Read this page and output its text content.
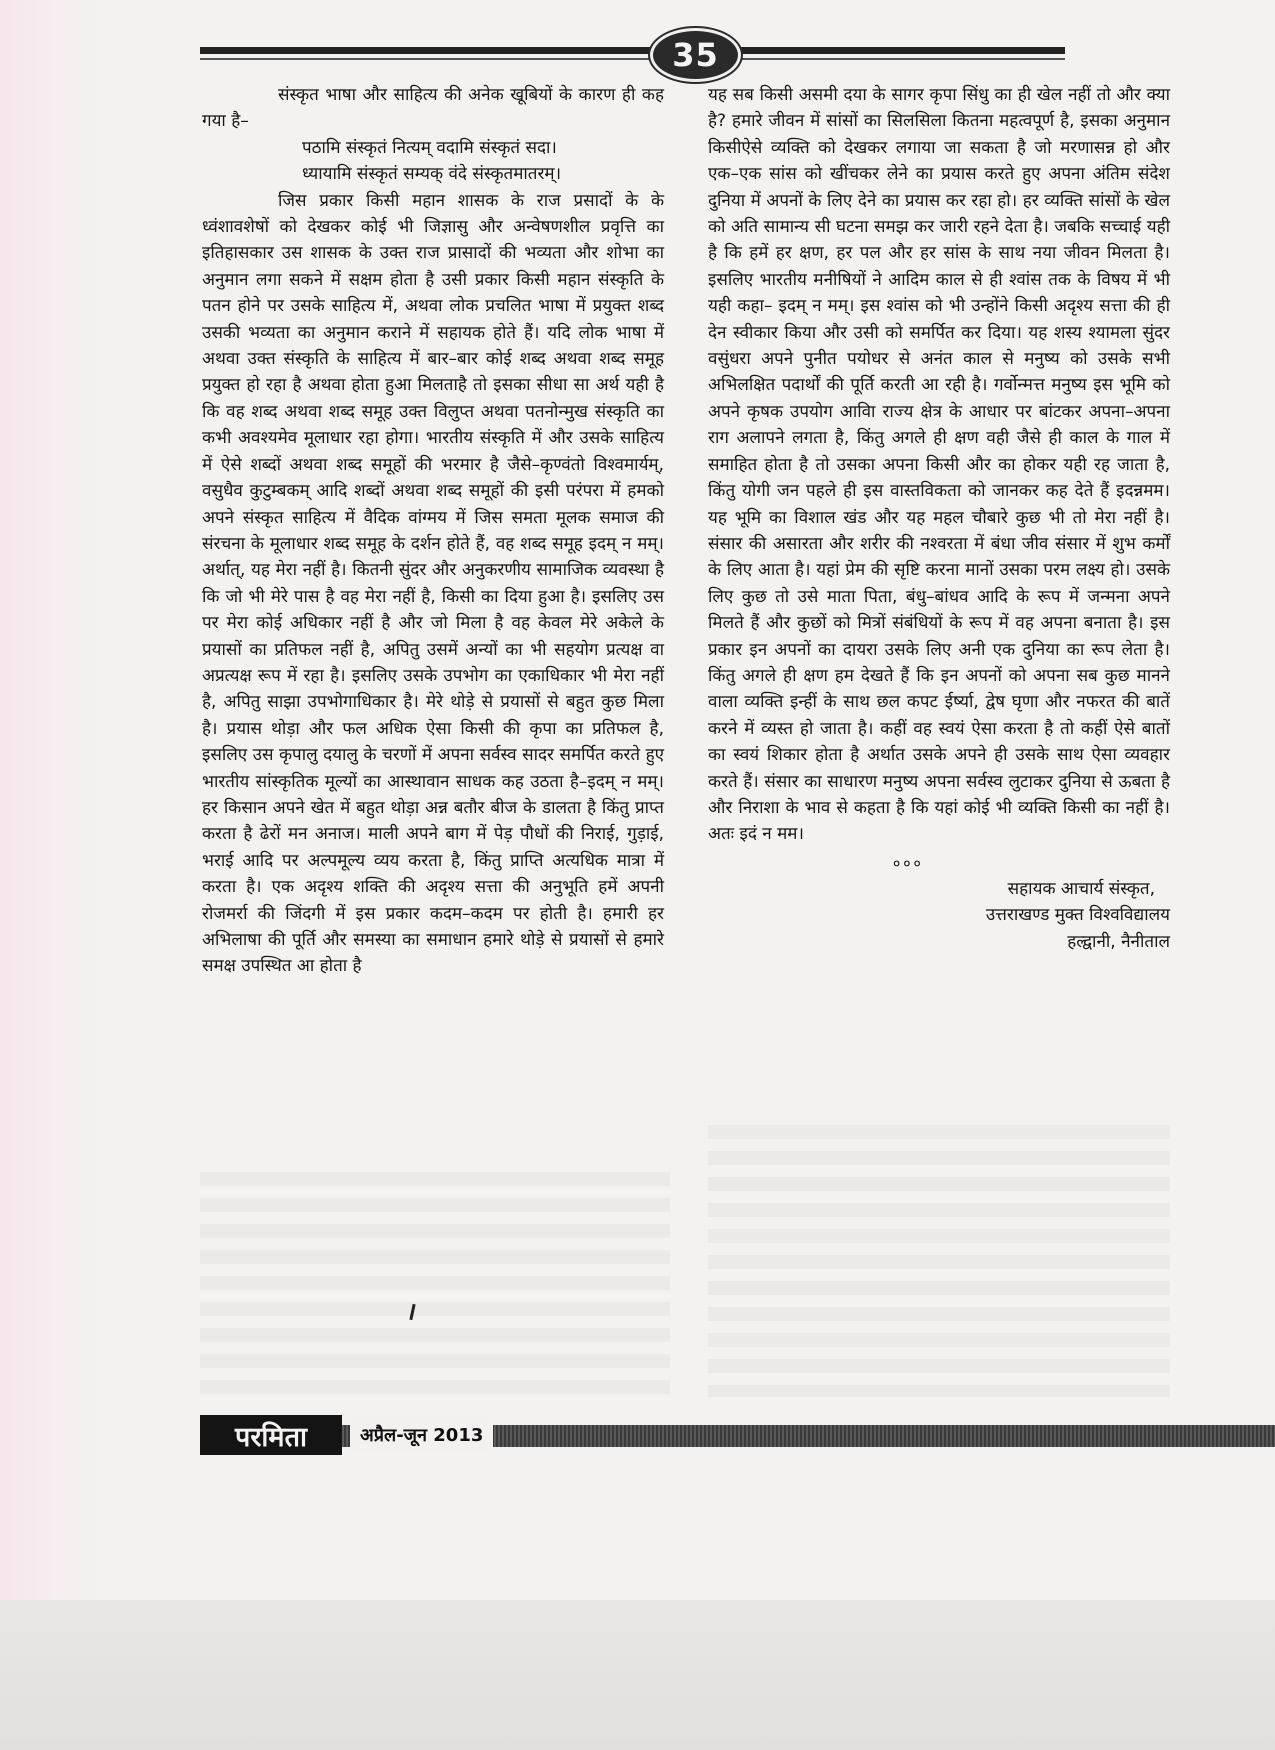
35

संस्कृत भाषा और साहित्य की अनेक खूबियों के कारण ही कह गया है–

पठामि संस्कृतं नित्यम् वदामि संस्कृतं सदा।

ध्यायामि संस्कृतं सम्यक् वंदे संस्कृतमातरम्।

जिस प्रकार किसी महान शासक के राज प्रसादों के के ध्वंशावशेषों को देखकर कोई भी जिज्ञासु और अन्वेषणशील प्रवृत्ति का इतिहासकार उस शासक के उक्त राज प्रासादों की भव्यता और शोभा का अनुमान लगा सकने में सक्षम होता है उसी प्रकार किसी महान संस्कृति के पतन होने पर उसके साहित्य में, अथवा लोक प्रचलित भाषा में प्रयुक्त शब्द उसकी भव्यता का अनुमान कराने में सहायक होते हैं। यदि लोक भाषा में अथवा उक्त संस्कृति के साहित्य में बार–बार कोई शब्द अथवा शब्द समूह प्रयुक्त हो रहा है अथवा होता हुआ मिलताहै तो इसका सीधा सा अर्थ यही है कि वह शब्द अथवा शब्द समूह उक्त विलुप्त अथवा पतनोन्मुख संस्कृति का कभी अवश्यमेव मूलाधार रहा होगा। भारतीय संस्कृति में और उसके साहित्य में ऐसे शब्दों अथवा शब्द समूहों की भरमार है जैसे–कृण्वंतो विश्वमार्यम्, वसुधैव कुटुम्बकम् आदि शब्दों अथवा शब्द समूहों की इसी परंपरा में हमको अपने संस्कृत साहित्य में वैदिक वांग्मय में जिस समता मूलक समाज की संरचना के मूलाधार शब्द समूह के दर्शन होते हैं, वह शब्द समूह इदम् न मम्। अर्थात्, यह मेरा नहीं है। कितनी सुंदर और अनुकरणीय सामाजिक व्यवस्था है कि जो भी मेरे पास है वह मेरा नहीं है, किसी का दिया हुआ है। इसलिए उस पर मेरा कोई अधिकार नहीं है और जो मिला है वह केवल मेरे अकेले के प्रयासों का प्रतिफल नहीं है, अपितु उसमें अन्यों का भी सहयोग प्रत्यक्ष वा अप्रत्यक्ष रूप में रहा है। इसलिए उसके उपभोग का एकाधिकार भी मेरा नहीं है, अपितु साझा उपभोगाधिकार है। मेरे थोड़े से प्रयासों से बहुत कुछ मिला है। प्रयास थोड़ा और फल अधिक ऐसा किसी की कृपा का प्रतिफल है, इसलिए उस कृपालु दयालु के चरणों में अपना सर्वस्व सादर समर्पित करते हुए भारतीय सांस्कृतिक मूल्यों का आस्थावान साधक कह उठता है–इदम् न मम्। हर किसान अपने खेत में बहुत थोड़ा अन्न बतौर बीज के डालता है किंतु प्राप्त करता है ढेरों मन अनाज। माली अपने बाग में पेड़ पौधों की निराई, गुड़ाई, भराई आदि पर अल्पमूल्य व्यय करता है, किंतु प्राप्ति अत्यधिक मात्रा में करता है। एक अदृश्य शक्ति की अदृश्य सत्ता की अनुभूति हमें अपनी रोजमर्रा की जिंदगी में इस प्रकार कदम–कदम पर होती है। हमारी हर अभिलाषा की पूर्ति और समस्या का समाधान हमारे थोड़े से प्रयासों से हमारे समक्ष उपस्थित आ होता है

यह सब किसी असमी दया के सागर कृपा सिंधु का ही खेल नहीं तो और क्या है? हमारे जीवन में सांसों का सिलसिला कितना महत्वपूर्ण है, इसका अनुमान किसीऐसे व्यक्ति को देखकर लगाया जा सकता है जो मरणासन्न हो और एक–एक सांस को खींचकर लेने का प्रयास करते हुए अपना अंतिम संदेश दुनिया में अपनों के लिए देने का प्रयास कर रहा हो। हर व्यक्ति सांसों के खेल को अति सामान्य सी घटना समझ कर जारी रहने देता है। जबकि सच्चाई यही है कि हमें हर क्षण, हर पल और हर सांस के साथ नया जीवन मिलता है। इसलिए भारतीय मनीषियों ने आदिम काल से ही श्वांस तक के विषय में भी यही कहा– इदम् न मम्। इस श्वांस को भी उन्होंने किसी अदृश्य सत्ता की ही देन स्वीकार किया और उसी को समर्पित कर दिया। यह शस्य श्यामला सुंदर वसुंधरा अपने पुनीत पयोधर से अनंत काल से मनुष्य को उसके सभी अभिलक्षित पदार्थों की पूर्ति करती आ रही है। गर्वोन्मत्त मनुष्य इस भूमि को अपने कृषक उपयोग आविा राज्य क्षेत्र के आधार पर बांटकर अपना–अपना राग अलापने लगता है, किंतु अगले ही क्षण वही जैसे ही काल के गाल में समाहित होता है तो उसका अपना किसी और का होकर यही रह जाता है, किंतु योगी जन पहले ही इस वास्तविकता को जानकर कह देते हैं इदन्नमम। यह भूमि का विशाल खंड और यह महल चौबारे कुछ भी तो मेरा नहीं है। संसार की असारता और शरीर की नश्वरता में बंधा जीव संसार में शुभ कर्मों के लिए आता है। यहां प्रेम की सृष्टि करना मानों उसका परम लक्ष्य हो। उसके लिए कुछ तो उसे माता पिता, बंधु–बांधव आदि के रूप में जन्मना अपने मिलते हैं और कुछों को मित्रों संबंधियों के रूप में वह अपना बनाता है। इस प्रकार इन अपनों का दायरा उसके लिए अनी एक दुनिया का रूप लेता है। किंतु अगले ही क्षण हम देखते हैं कि इन अपनों को अपना सब कुछ मानने वाला व्यक्ति इन्हीं के साथ छल कपट ईर्ष्या, द्वेष घृणा और नफरत की बातें करने में व्यस्त हो जाता है। कहीं वह स्वयं ऐसा करता है तो कहीं ऐसे बातों का स्वयं शिकार होता है अर्थात उसके अपने ही उसके साथ ऐसा व्यवहार करते हैं। संसार का साधारण मनुष्य अपना सर्वस्व लुटाकर दुनिया से ऊबता है और निराशा के भाव से कहता है कि यहां कोई भी व्यक्ति किसी का नहीं है। अतः इदं न मम।

०००
सहायक आचार्य संस्कृत,
उत्तराखण्ड मुक्त विश्वविद्यालय
हल्द्वानी, नैनीताल
परमिता	अप्रैल-जून 2013
